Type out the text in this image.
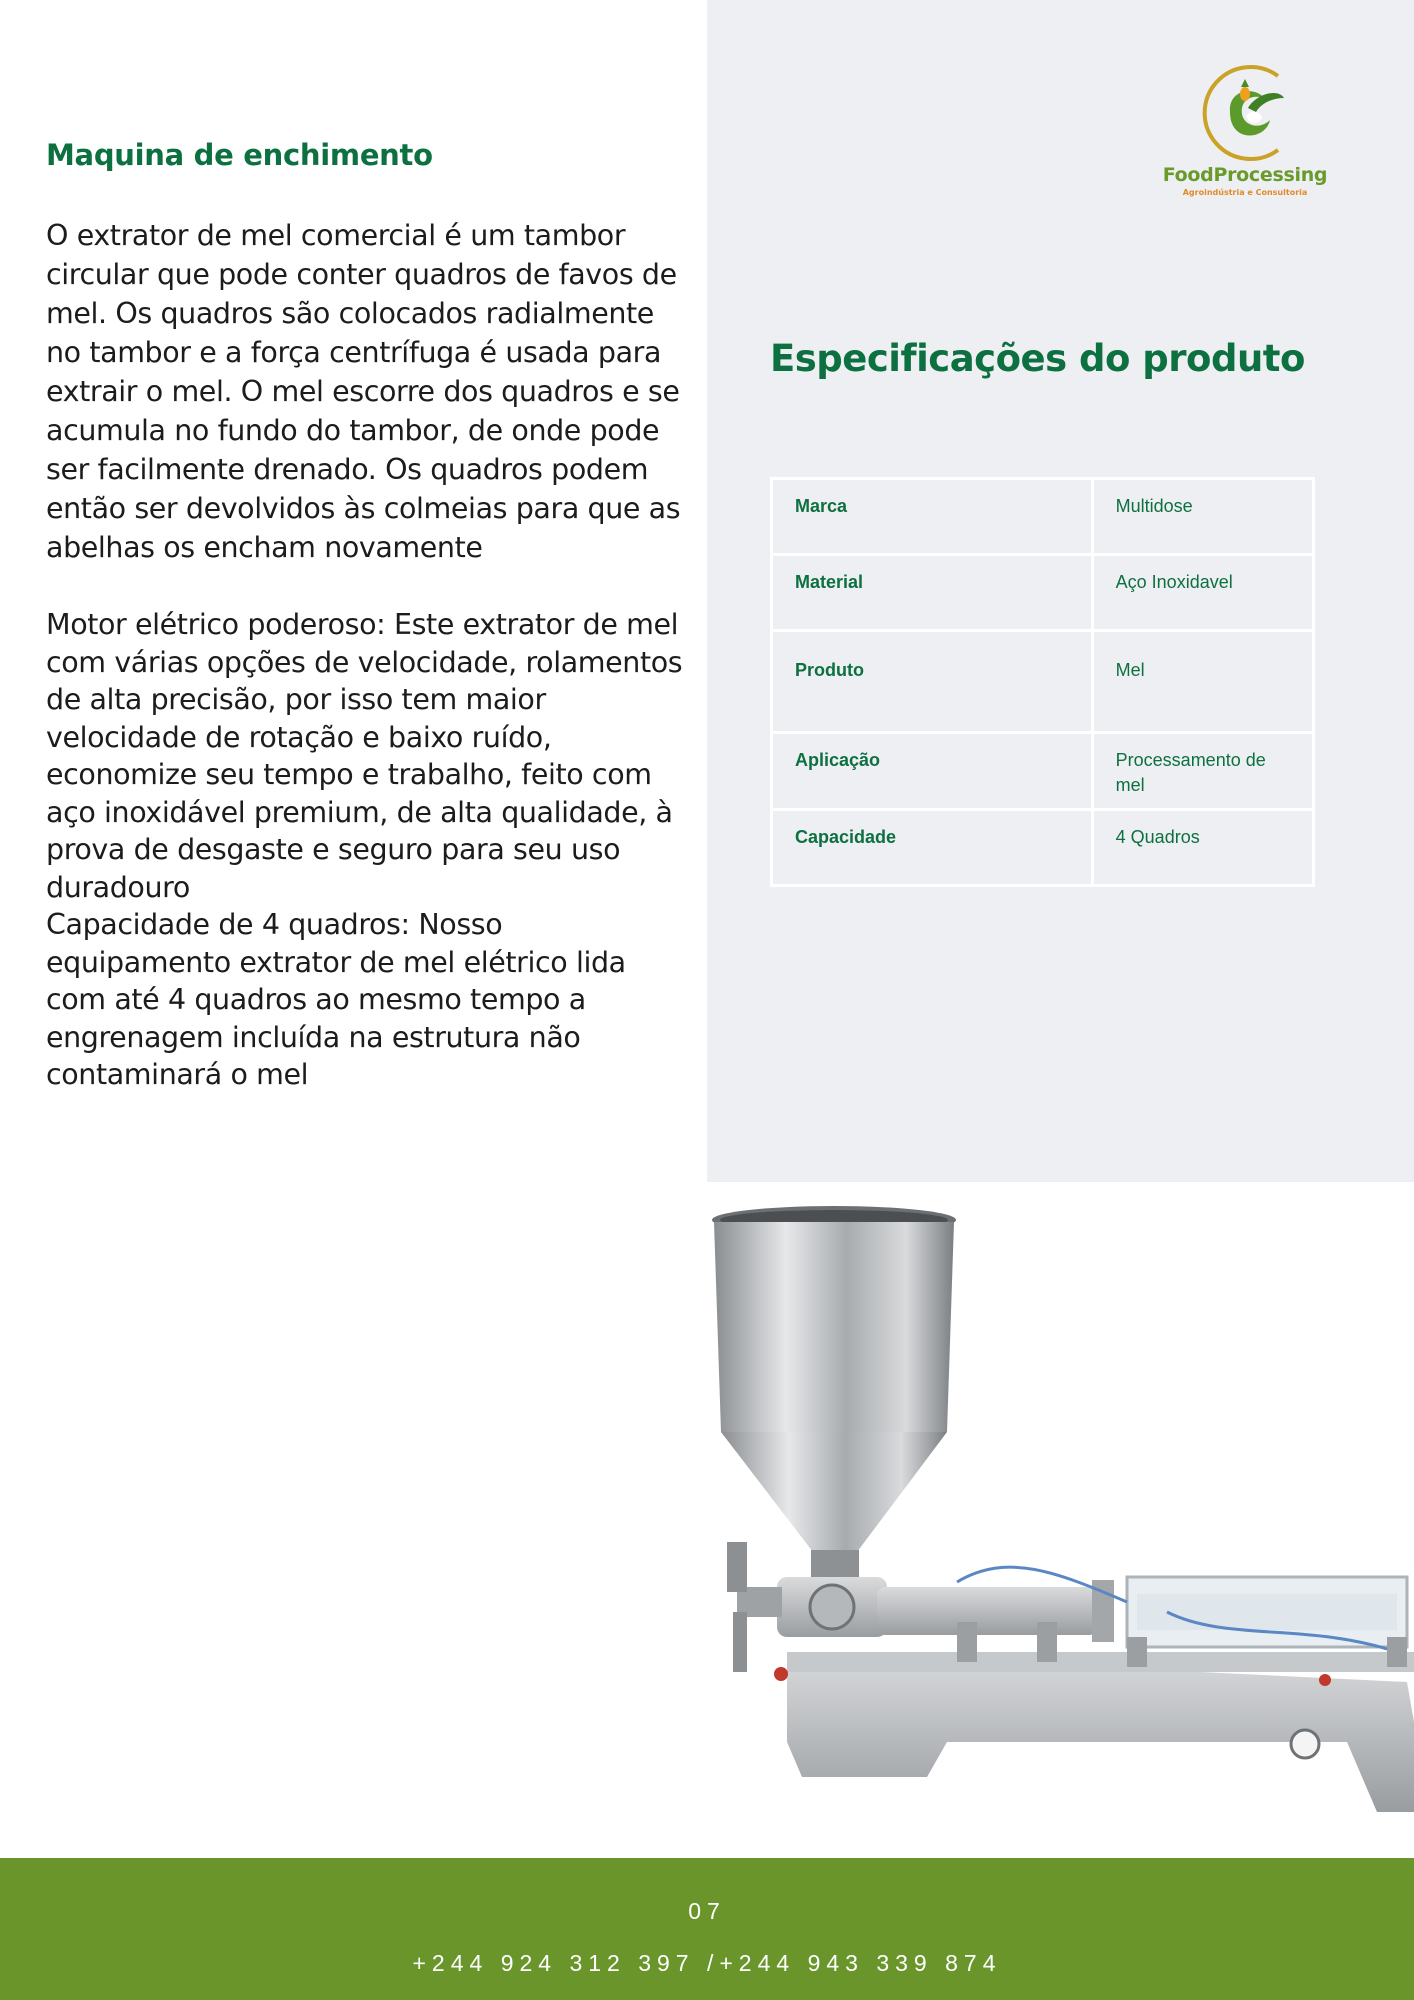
Maquina de enchimento

O extrator de mel comercial é um tambor circular que pode conter quadros de favos de mel. Os quadros são colocados radialmente no tambor e a força centrífuga é usada para extrair o mel. O mel escorre dos quadros e se acumula no fundo do tambor, de onde pode ser facilmente drenado. Os quadros podem então ser devolvidos às colmeias para que as abelhas os encham novamente

Motor elétrico poderoso: Este extrator de mel com várias opções de velocidade, rolamentos de alta precisão, por isso tem maior velocidade de rotação e baixo ruído, economize seu tempo e trabalho, feito com aço inoxidável premium, de alta qualidade, à prova de desgaste e seguro para seu uso duradouro
Capacidade de 4 quadros: Nosso equipamento extrator de mel elétrico lida com até 4 quadros ao mesmo tempo a engrenagem incluída na estrutura não contaminará o mel

FoodProcessing
Agroindústria e Consultoria
Especificações do produto
Marca	Multidose
Material	Aço Inoxidavel
Produto	Mel
Aplicação	Processamento de mel
Capacidade	4 Quadros
07
+244 924 312 397 /+244 943 339 874
